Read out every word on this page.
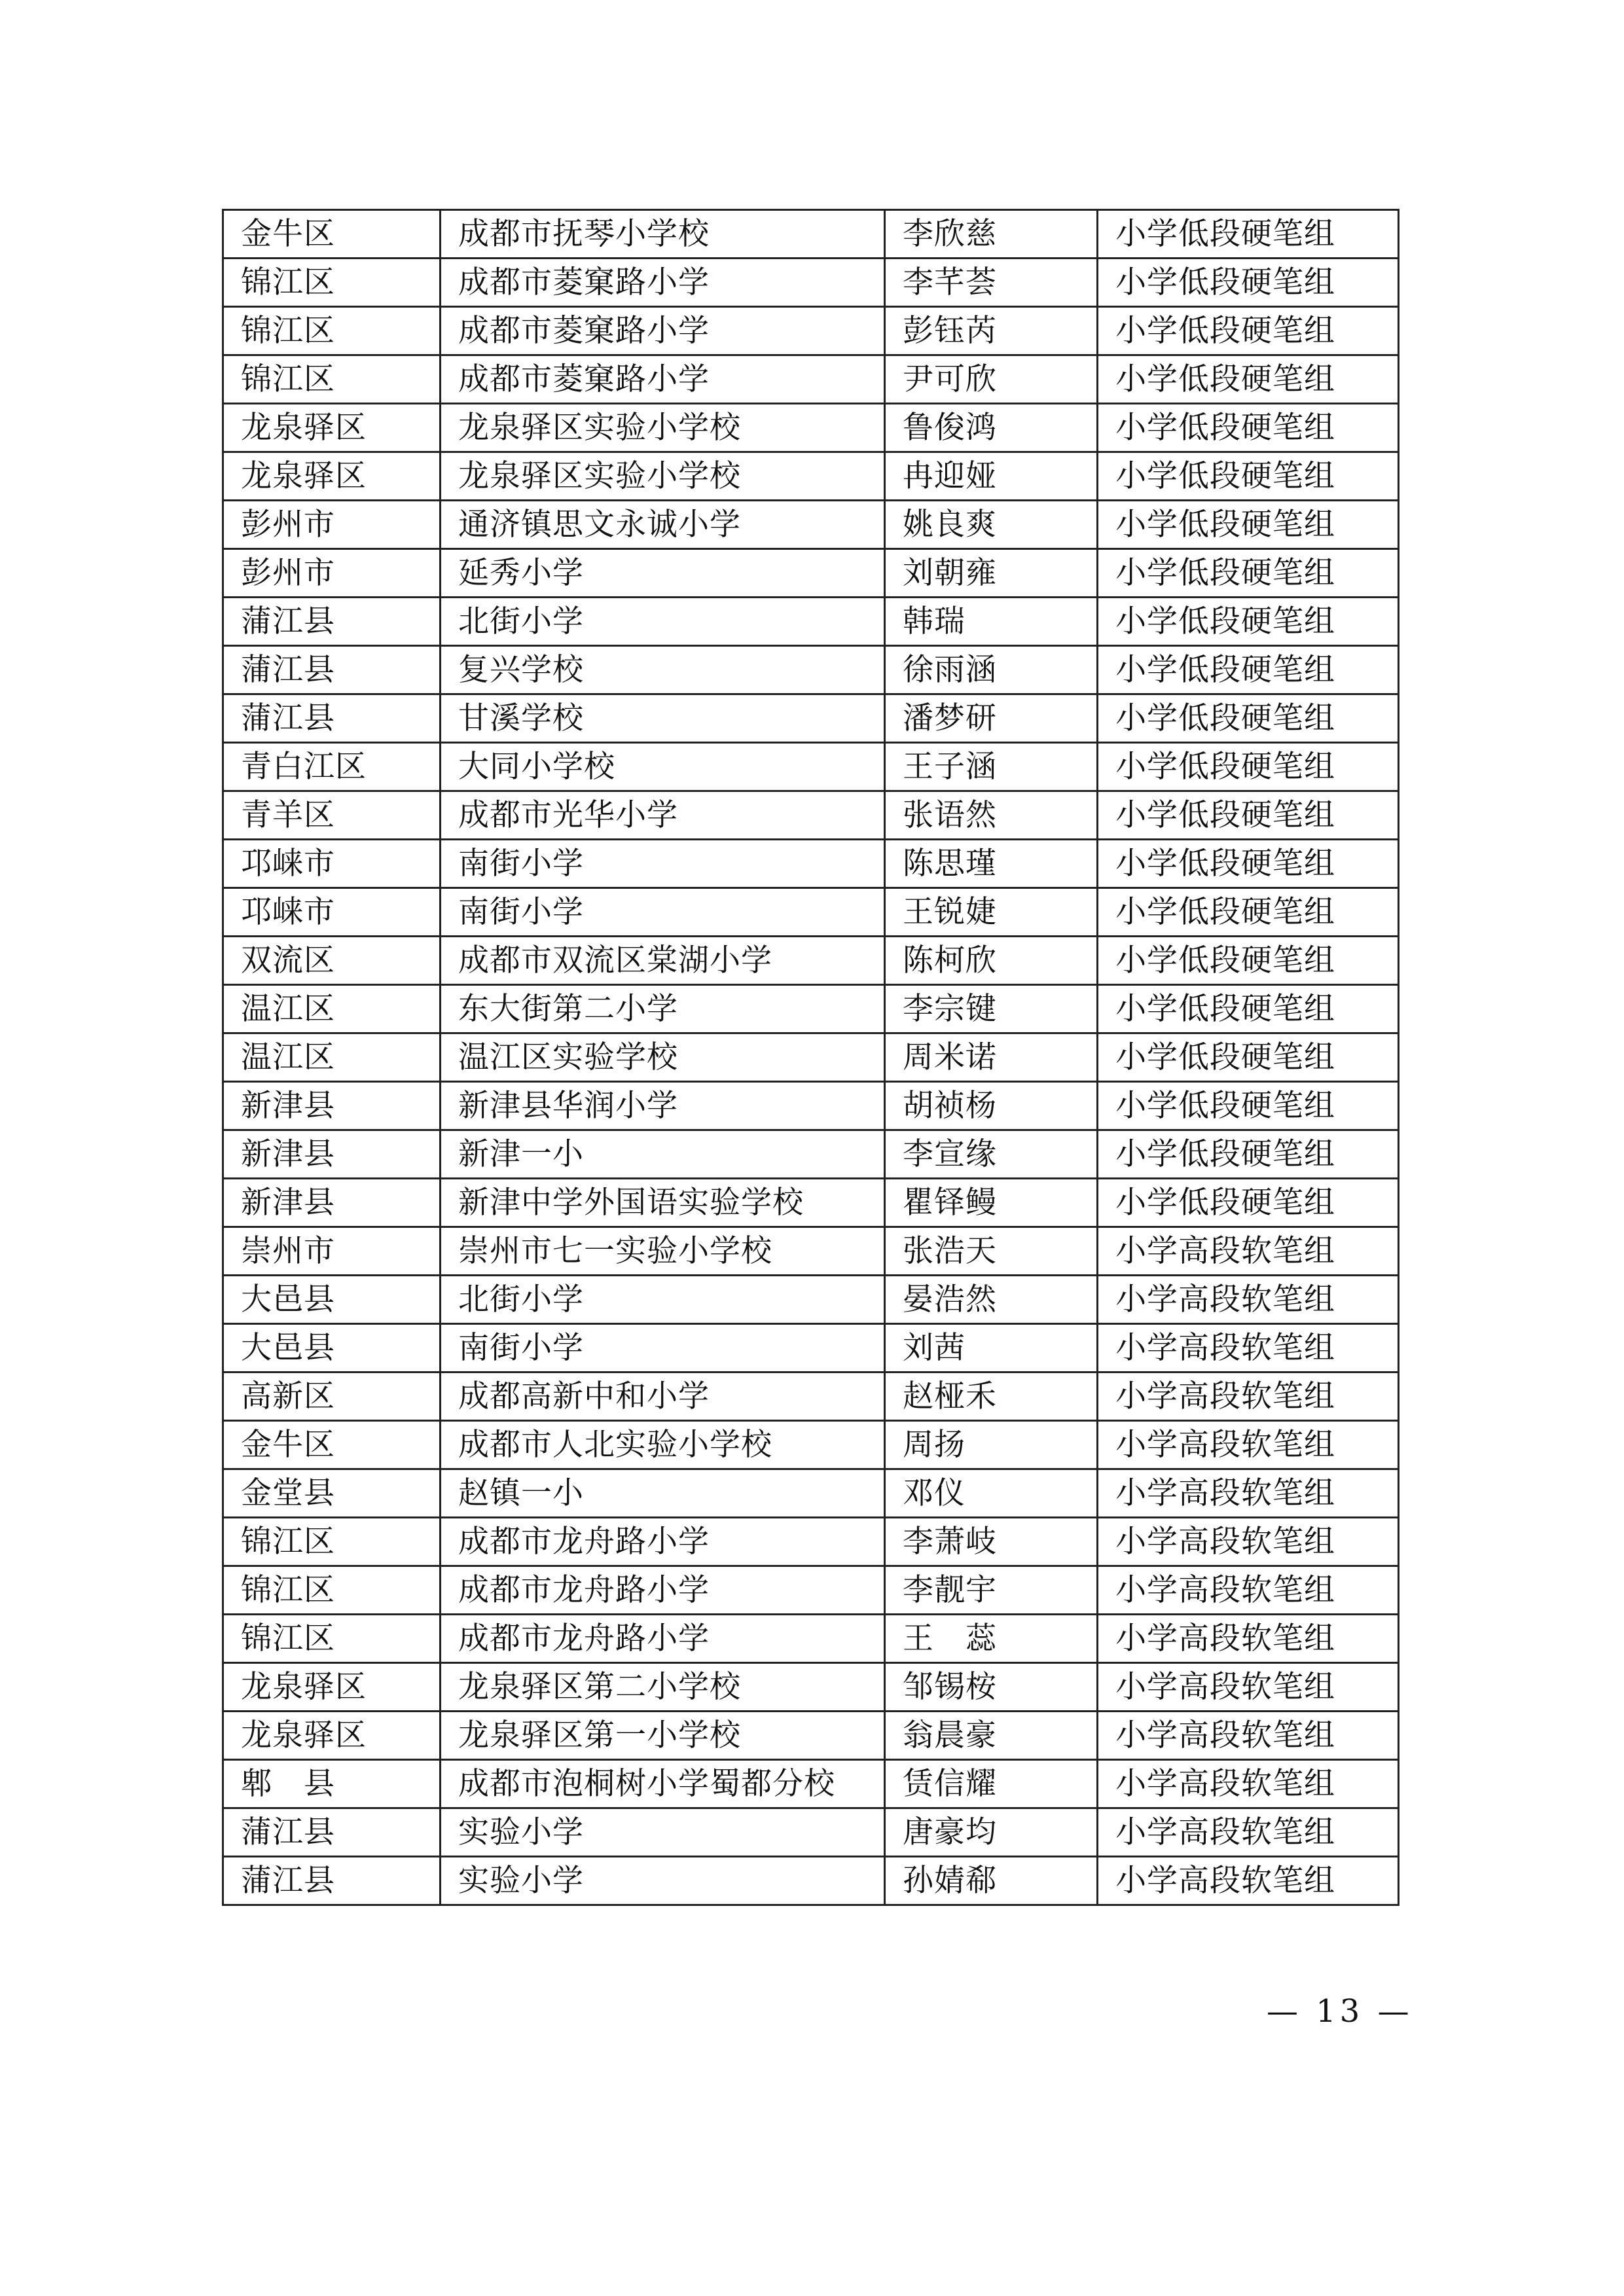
金牛区	成都市抚琴小学校	李欣慈	小学低段硬笔组
锦江区	成都市菱窠路小学	李芊荟	小学低段硬笔组
锦江区	成都市菱窠路小学	彭钰芮	小学低段硬笔组
锦江区	成都市菱窠路小学	尹可欣	小学低段硬笔组
龙泉驿区	龙泉驿区实验小学校	鲁俊鸿	小学低段硬笔组
龙泉驿区	龙泉驿区实验小学校	冉迎娅	小学低段硬笔组
彭州市	通济镇思文永诚小学	姚良爽	小学低段硬笔组
彭州市	延秀小学	刘朝雍	小学低段硬笔组
蒲江县	北街小学	韩瑞	小学低段硬笔组
蒲江县	复兴学校	徐雨涵	小学低段硬笔组
蒲江县	甘溪学校	潘梦研	小学低段硬笔组
青白江区	大同小学校	王子涵	小学低段硬笔组
青羊区	成都市光华小学	张语然	小学低段硬笔组
邛崃市	南街小学	陈思瑾	小学低段硬笔组
邛崃市	南街小学	王锐婕	小学低段硬笔组
双流区	成都市双流区棠湖小学	陈柯欣	小学低段硬笔组
温江区	东大街第二小学	李宗键	小学低段硬笔组
温江区	温江区实验学校	周米诺	小学低段硬笔组
新津县	新津县华润小学	胡祯杨	小学低段硬笔组
新津县	新津一小	李宣缘	小学低段硬笔组
新津县	新津中学外国语实验学校	瞿铎鳗	小学低段硬笔组
崇州市	崇州市七一实验小学校	张浩天	小学高段软笔组
大邑县	北街小学	晏浩然	小学高段软笔组
大邑县	南街小学	刘茜	小学高段软笔组
高新区	成都高新中和小学	赵桠禾	小学高段软笔组
金牛区	成都市人北实验小学校	周扬	小学高段软笔组
金堂县	赵镇一小	邓仪	小学高段软笔组
锦江区	成都市龙舟路小学	李萧岐	小学高段软笔组
锦江区	成都市龙舟路小学	李靓宇	小学高段软笔组
锦江区	成都市龙舟路小学	王　蕊	小学高段软笔组
龙泉驿区	龙泉驿区第二小学校	邹锡桉	小学高段软笔组
龙泉驿区	龙泉驿区第一小学校	翁晨豪	小学高段软笔组
郫　县	成都市泡桐树小学蜀都分校	赁信耀	小学高段软笔组
蒲江县	实验小学	唐豪均	小学高段软笔组
蒲江县	实验小学	孙婧郗	小学高段软笔组
— 13 —
